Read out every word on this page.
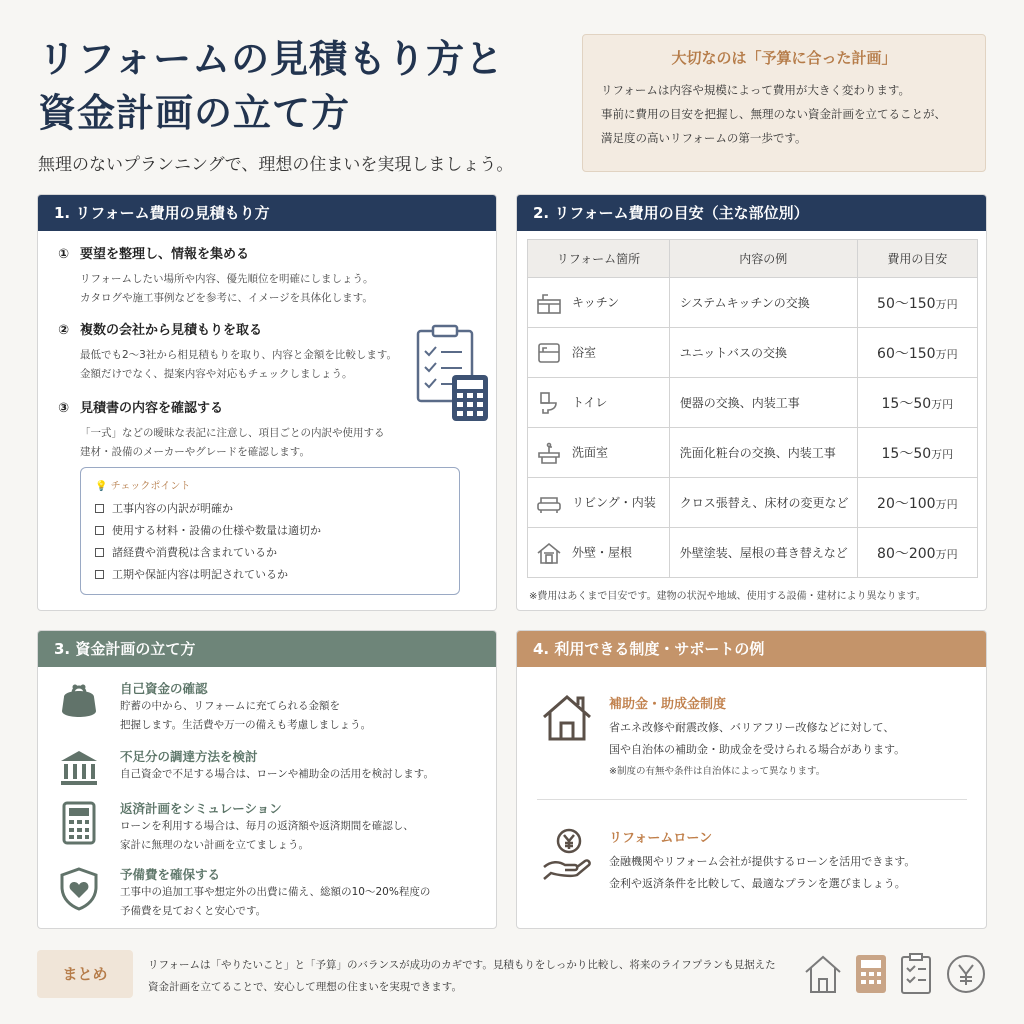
リフォームの見積もり方と
資金計画の立て方
無理のないプランニングで、理想の住まいを実現しましょう。
大切なのは「予算に合った計画」

リフォームは内容や規模によって費用が大きく変わります。

事前に費用の目安を把握し、無理のない資金計画を立てることが、

満足度の高いリフォームの第一歩です。

1. リフォーム費用の見積もり方
① 要望を整理し、情報を集める
リフォームしたい場所や内容、優先順位を明確にしましょう。
カタログや施工事例などを参考に、イメージを具体化します。
② 複数の会社から見積もりを取る
最低でも2〜3社から相見積もりを取り、内容と金額を比較します。
金額だけでなく、提案内容や対応もチェックしましょう。
③ 見積書の内容を確認する
「一式」などの曖昧な表記に注意し、項目ごとの内訳や使用する
建材・設備のメーカーやグレードを確認します。
💡 チェックポイント
工事内容の内訳が明確か
使用する材料・設備の仕様や数量は適切か
諸経費や消費税は含まれているか
工期や保証内容は明記されているか
2. リフォーム費用の目安（主な部位別）
リフォーム箇所	内容の例	費用の目安
キッチン	システムキッチンの交換	50〜150万円
浴室	ユニットバスの交換	60〜150万円
トイレ	便器の交換、内装工事	15〜50万円
洗面室	洗面化粧台の交換、内装工事	15〜50万円
リビング・内装	クロス張替え、床材の変更など	20〜100万円
外壁・屋根	外壁塗装、屋根の葺き替えなど	80〜200万円
※費用はあくまで目安です。建物の状況や地域、使用する設備・建材により異なります。
3. 資金計画の立て方
自己資金の確認
貯蓄の中から、リフォームに充てられる金額を
把握します。生活費や万一の備えも考慮しましょう。
不足分の調達方法を検討
自己資金で不足する場合は、ローンや補助金の活用を検討します。
返済計画をシミュレーション
ローンを利用する場合は、毎月の返済額や返済期間を確認し、
家計に無理のない計画を立てましょう。
予備費を確保する
工事中の追加工事や想定外の出費に備え、総額の10〜20%程度の
予備費を見ておくと安心です。
4. 利用できる制度・サポートの例
補助金・助成金制度
省エネ改修や耐震改修、バリアフリー改修などに対して、
国や自治体の補助金・助成金を受けられる場合があります。
※制度の有無や条件は自治体によって異なります。
リフォームローン
金融機関やリフォーム会社が提供するローンを活用できます。
金利や返済条件を比較して、最適なプランを選びましょう。
まとめ	リフォームは「やりたいこと」と「予算」のバランスが成功のカギです。見積もりをしっかり比較し、将来のライフプランも見据えた
資金計画を立てることで、安心して理想の住まいを実現できます。
